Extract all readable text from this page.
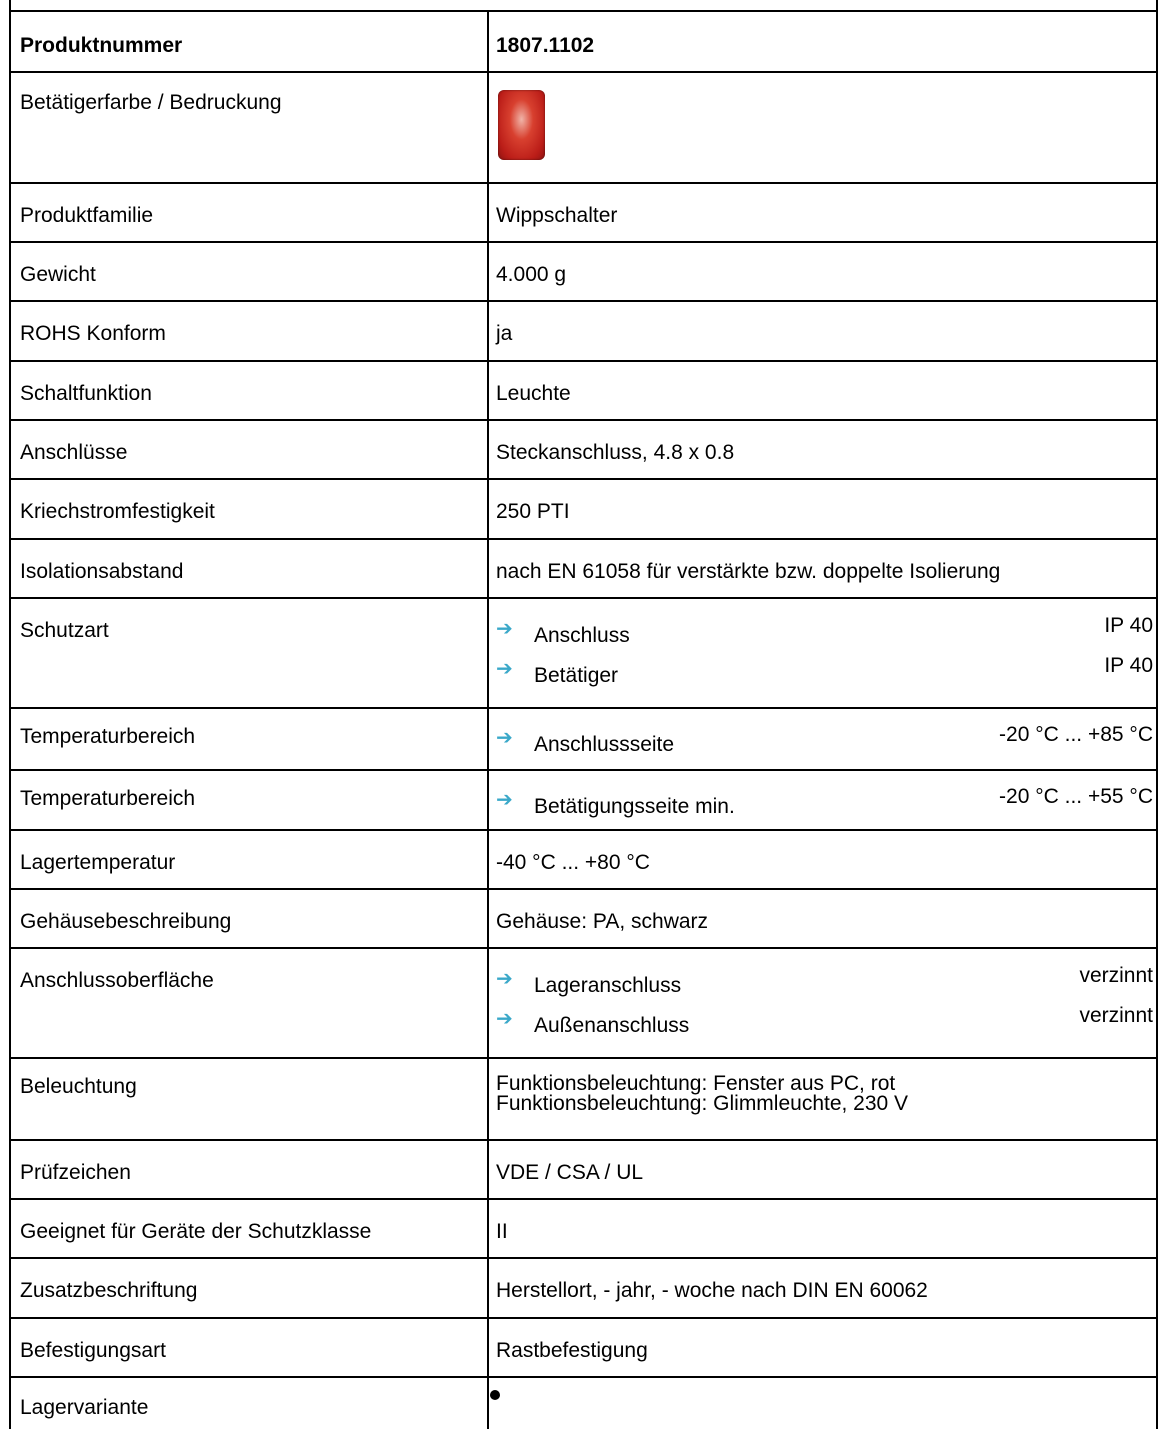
Produktnummer	1807.1102
Betätigerfarbe / Bedruckung
Produktfamilie	Wippschalter
Gewicht	4.000 g
ROHS Konform	ja
Schaltfunktion	Leuchte
Anschlüsse	Steckanschluss, 4.8 x 0.8
Kriechstromfestigkeit	250 PTI
Isolationsabstand	nach EN 61058 für verstärkte bzw. doppelte Isolierung
Schutzart	➔	Anschluss	IP 40
➔	Betätiger	IP 40
Temperaturbereich	➔	Anschlussseite	-20 °C ... +85 °C
Temperaturbereich	➔	Betätigungsseite min.	-20 °C ... +55 °C
Lagertemperatur	-40 °C ... +80 °C
Gehäusebeschreibung	Gehäuse: PA, schwarz
Anschlussoberfläche	➔	Lageranschluss	verzinnt
➔	Außenanschluss	verzinnt
Beleuchtung	Funktionsbeleuchtung: Fenster aus PC, rot
Funktionsbeleuchtung: Glimmleuchte, 230 V
Prüfzeichen	VDE / CSA / UL
Geeignet für Geräte der Schutzklasse	II
Zusatzbeschriftung	Herstellort, - jahr, - woche nach DIN EN 60062
Befestigungsart	Rastbefestigung
Lagervariante
